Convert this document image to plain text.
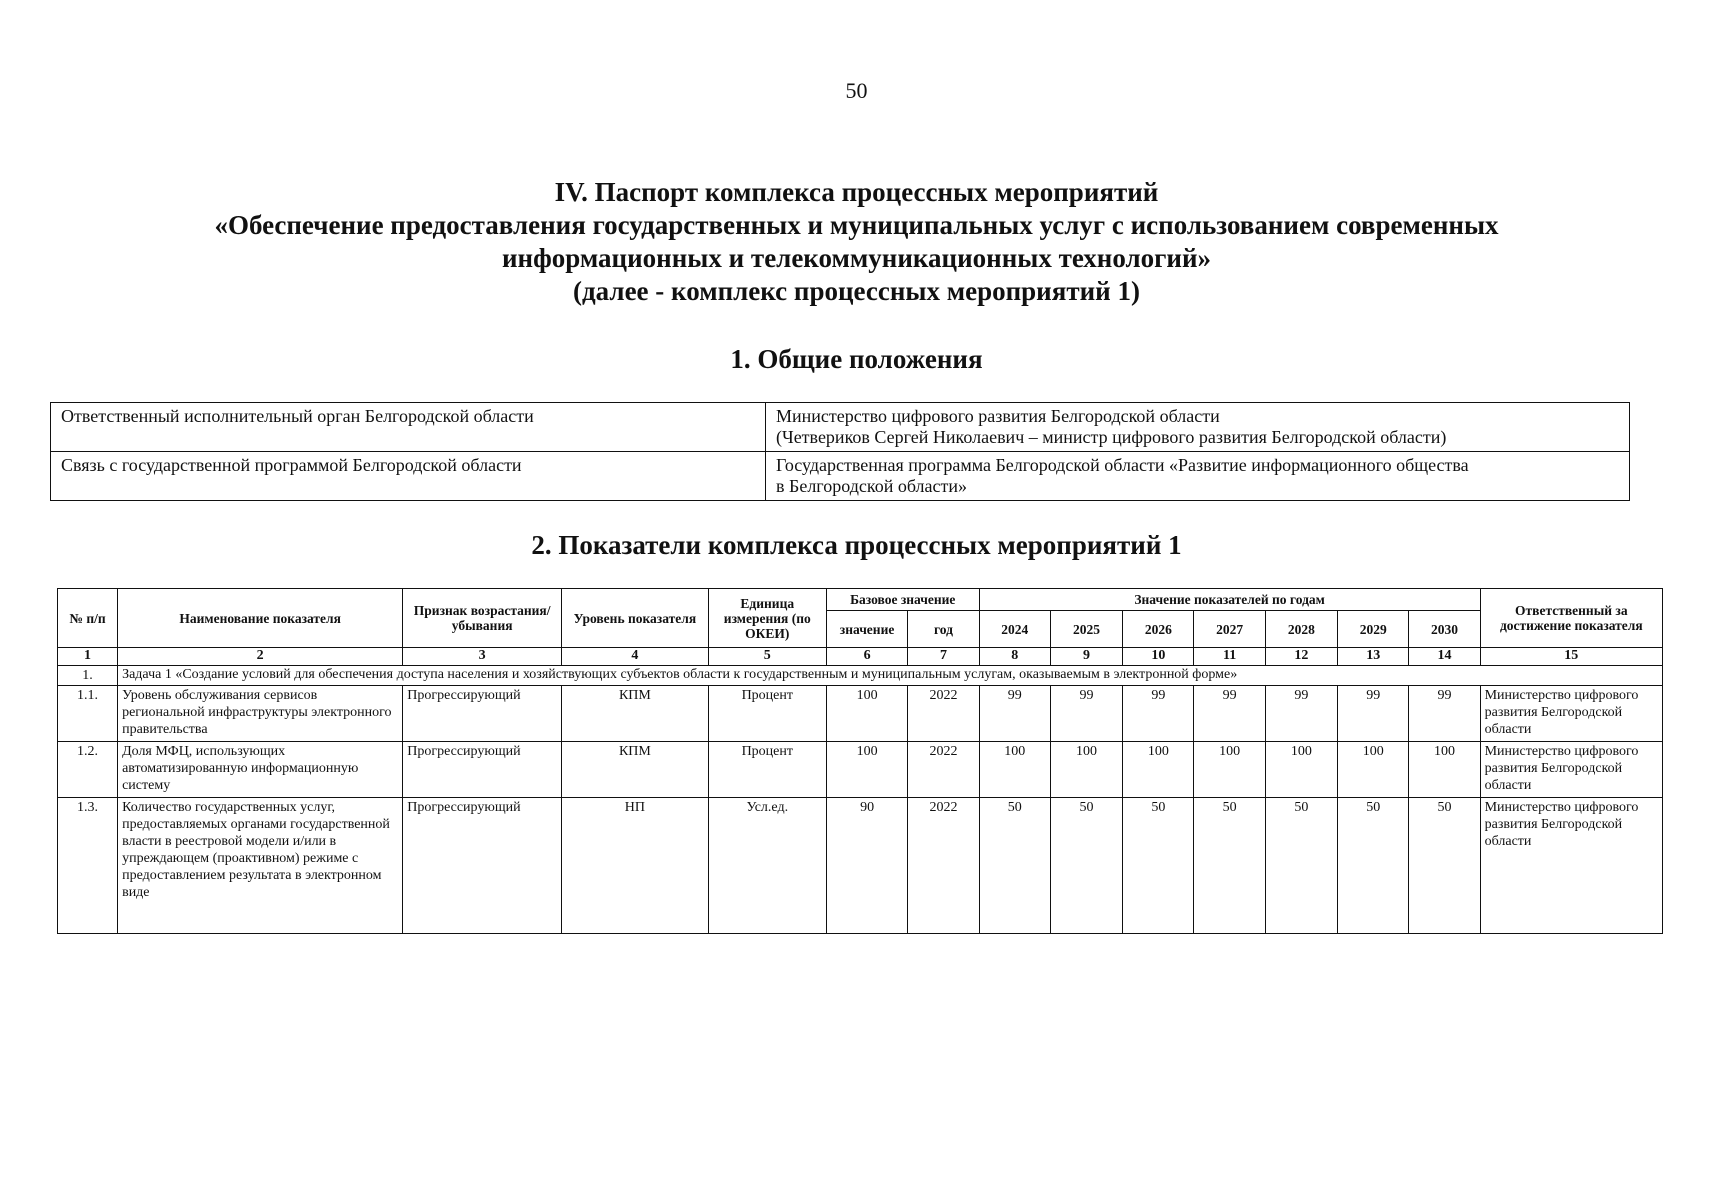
50
IV. Паспорт комплекса процессных мероприятий
«Обеспечение предоставления государственных и муниципальных услуг с использованием современных
информационных и телекоммуникационных технологий»
(далее - комплекс процессных мероприятий 1)
1. Общие положения
Ответственный исполнительный орган Белгородской области	Министерство цифрового развития Белгородской области
(Четвериков Сергей Николаевич – министр цифрового развития Белгородской области)

Связь с государственной программой Белгородской области	Государственная программа Белгородской области «Развитие информационного общества
в Белгородской области»
2. Показатели комплекса процессных мероприятий 1
№ п/п	Наименование показателя	Признак возрастания/ убывания	Уровень показателя	Единица измерения (по ОКЕИ)	Базовое значение		Значение показателей по годам							Ответственный за достижение показателя
					значение	год	2024	2025	2026	2027	2028	2029	2030	
1	2	3	4	5	6	7	8	9	10	11	12	13	14	15
1.	Задача 1 «Создание условий для обеспечения доступа населения и хозяйствующих субъектов области к государственным и муниципальным услугам, оказываемым в электронной форме»													
1.1.	Уровень обслуживания сервисов региональной инфраструктуры электронного правительства	Прогрессирующий	КПМ	Процент	100	2022	99	99	99	99	99	99	99	Министерство цифрового развития Белгородской области
1.2.	Доля МФЦ, использующих автоматизированную информационную систему	Прогрессирующий	КПМ	Процент	100	2022	100	100	100	100	100	100	100	Министерство цифрового развития Белгородской области
1.3.	Количество государственных услуг, предоставляемых органами государственной власти в реестровой модели и/или в упреждающем (проактивном) режиме с предоставлением результата в электронном виде	Прогрессирующий	НП	Усл.ед.	90	2022	50	50	50	50	50	50	50	Министерство цифрового развития Белгородской области
